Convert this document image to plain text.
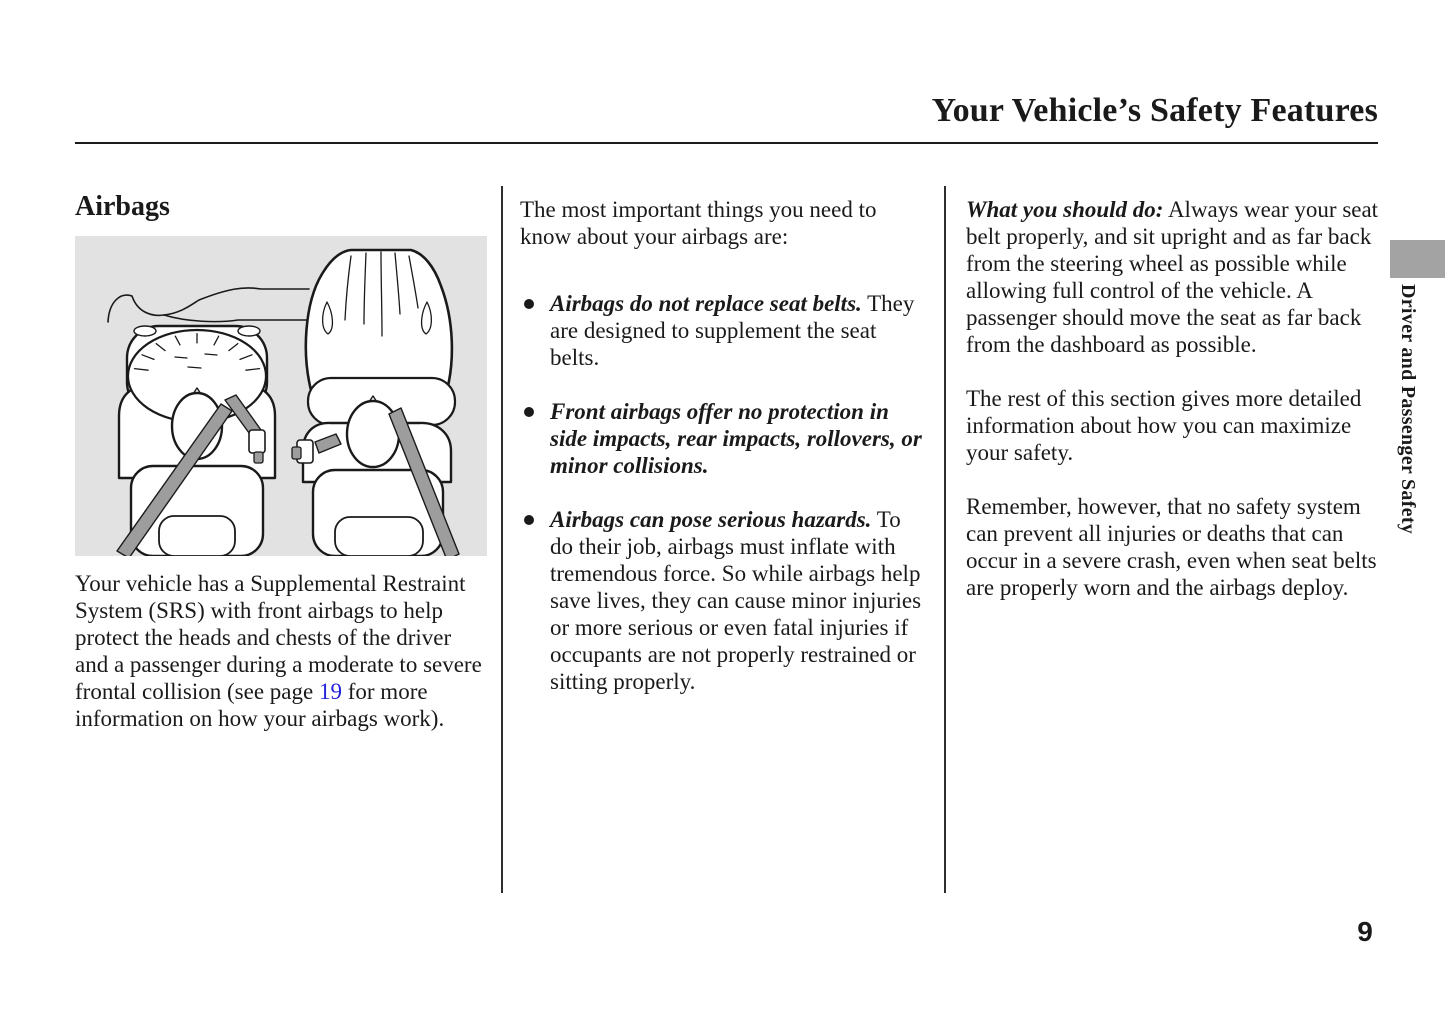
Your Vehicle’s Safety Features
Airbags

Your vehicle has a Supplemental Restraint System (SRS) with front airbags to help protect the heads and chests of the driver and a passenger during a moderate to severe frontal collision (see page 19 for more information on how your airbags work).

The most important things you need to know about your airbags are:

Airbags do not replace seat belts. They are designed to supplement the seat belts.
Front airbags offer no protection in side impacts, rear impacts, rollovers, or minor collisions.
Airbags can pose serious hazards. To do their job, airbags must inflate with tremendous force. So while airbags help save lives, they can cause minor injuries or more serious or even fatal injuries if occupants are not properly restrained or sitting properly.

What you should do: Always wear your seat belt properly, and sit upright and as far back from the steering wheel as possible while allowing full control of the vehicle. A passenger should move the seat as far back from the dashboard as possible.

The rest of this section gives more detailed information about how you can maximize your safety.

Remember, however, that no safety system can prevent all injuries or deaths that can occur in a severe crash, even when seat belts are properly worn and the airbags deploy.

Driver and Passenger Safety
9
